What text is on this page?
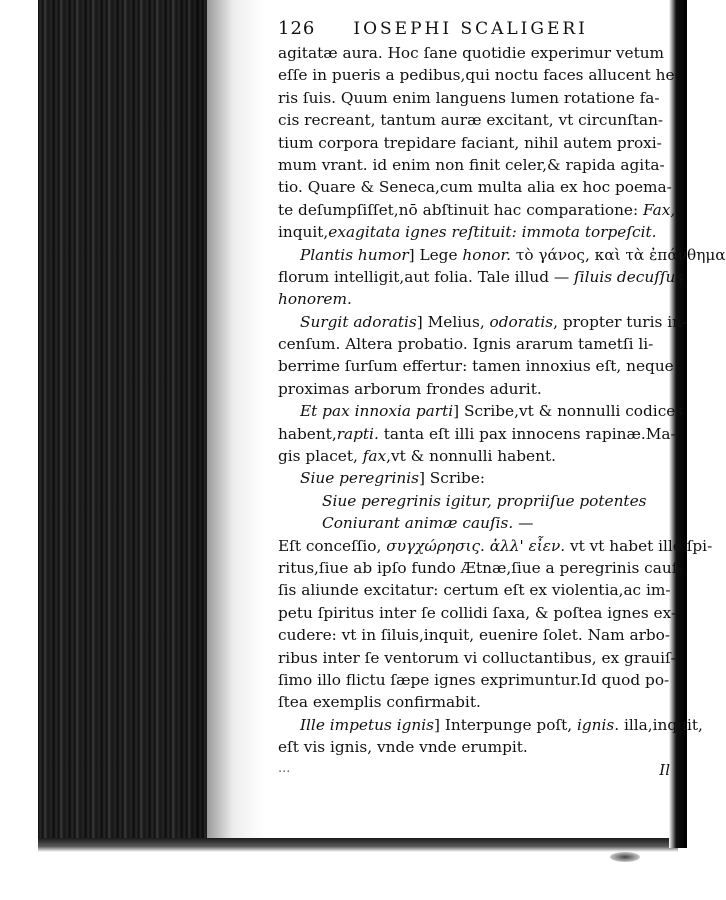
126 IOSEPHI SCALIGERI
agitatæ aura. Hoc ſane quotidie experimur vetum
eſſe in pueris a pedibus,qui noctu faces allucent he-
ris ſuis. Quum enim languens lumen rotatione fa-
cis recreant, tantum auræ excitant, vt circunſtan-
tium corpora trepidare faciant, nihil autem proxi-
mum vrant. id enim non finit celer,& rapida agita-
tio. Quare & Seneca,cum multa alia ex hoc poema-
te deſumpſiſſet,nō abſtinuit hac comparatione: Fax,
inquit,exagitata ignes reſtituit: immota torpeſcit.
Plantis humor] Lege honor. τὸ γάνος, καὶ τὰ ἐπάνθημα
florum intelligit,aut folia. Tale illud — ſiluis decuſſus
honorem.
Surgit adoratis] Melius, odoratis, propter turis in-
cenſum. Altera probatio. Ignis ararum tametſi li-
berrime ſurſum effertur: tamen innoxius eſt, neque
proximas arborum frondes adurit.
Et pax innoxia parti] Scribe,vt & nonnulli codices
habent,rapti. tanta eſt illi pax innocens rapinæ.Ma-
gis placet, fax,vt & nonnulli habent.
Siue peregrinis] Scribe:
Siue peregrinis igitur, propriiſue potentes
Coniurant animæ cauſis. —
Eſt conceſſio, συγχώρησις. ἀλλ' εἶεν. vt vt habet ille ſpi-
ritus,ſiue ab ipſo fundo Ætnæ,ſiue a peregrinis cauſ-
ſis aliunde excitatur: certum eſt ex violentia,ac im-
petu ſpiritus inter ſe collidi ſaxa, & poſtea ignes ex-
cudere: vt in ſiluis,inquit, euenire ſolet. Nam arbo-
ribus inter ſe ventorum vi colluctantibus, ex grauiſ-
ſimo illo flictu ſæpe ignes exprimuntur.Id quod po-
ſtea exemplis confirmabit.
Ille impetus ignis] Interpunge poſt, ignis. illa,inquit,
eſt vis ignis, vnde vnde erumpit.
...	Il
